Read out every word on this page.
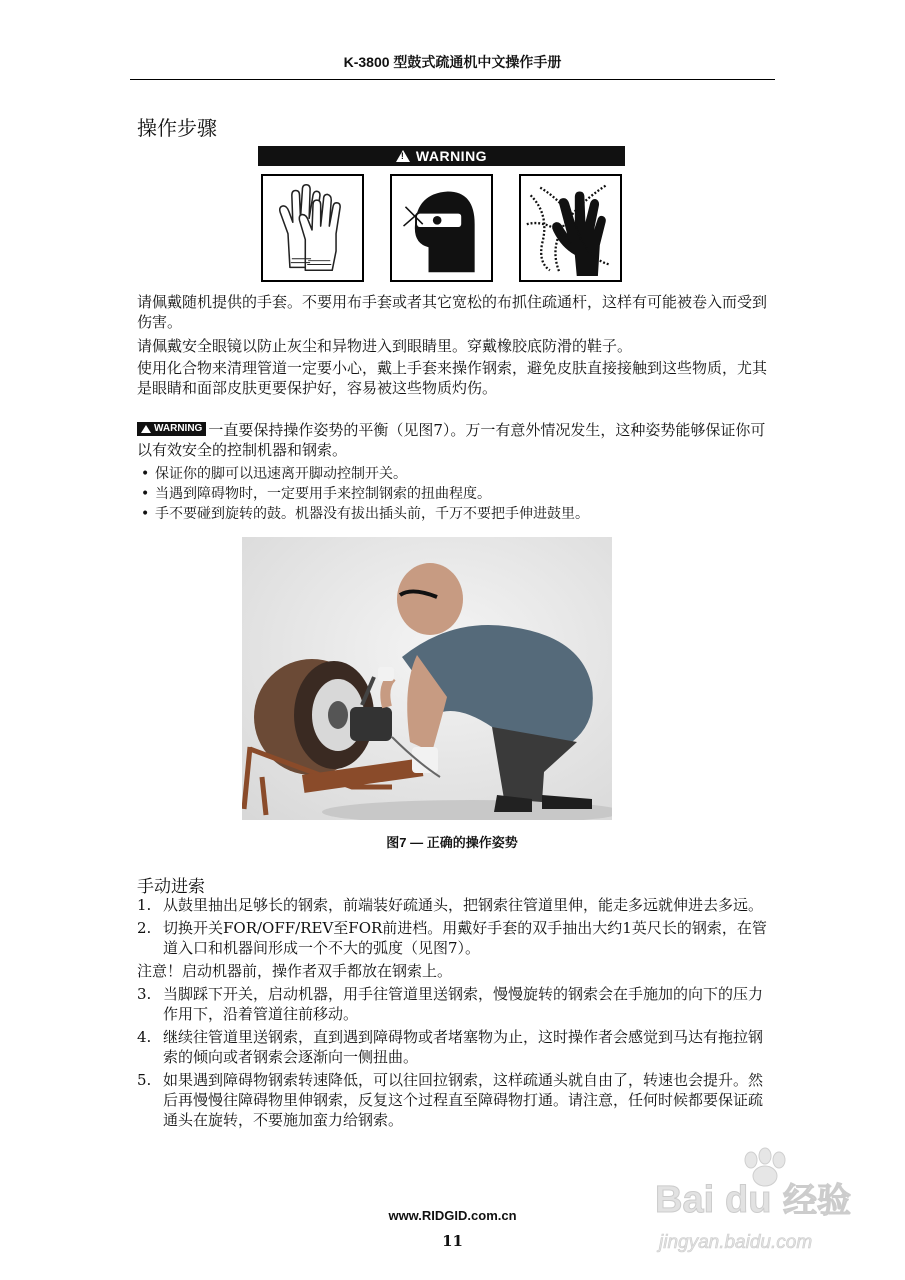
K-3800 型鼓式疏通机中文操作手册
操作步骤
!
WARNING
请佩戴随机提供的手套。不要用布手套或者其它宽松的布抓住疏通杆，这样有可能被卷入而受到伤害。
请佩戴安全眼镜以防止灰尘和异物进入到眼睛里。穿戴橡胶底防滑的鞋子。
使用化合物来清理管道一定要小心，戴上手套来操作钢索，避免皮肤直接接触到这些物质，尤其是眼睛和面部皮肤更要保护好，容易被这些物质灼伤。
WARNING 一直要保持操作姿势的平衡（见图7）。万一有意外情况发生，这种姿势能够保证你可以有效安全的控制机器和钢索。
• 保证你的脚可以迅速离开脚动控制开关。
• 当遇到障碍物时，一定要用手来控制钢索的扭曲程度。
• 手不要碰到旋转的鼓。机器没有拔出插头前，千万不要把手伸进鼓里。
图7 — 正确的操作姿势
手动进索
1. 从鼓里抽出足够长的钢索，前端装好疏通头，把钢索往管道里伸，能走多远就伸进去多远。
2. 切换开关FOR/OFF/REV至FOR前进档。用戴好手套的双手抽出大约1英尺长的钢索，在管道入口和机器间形成一个不大的弧度（见图7）。
注意！启动机器前，操作者双手都放在钢索上。
3. 当脚踩下开关，启动机器，用手往管道里送钢索，慢慢旋转的钢索会在手施加的向下的压力作用下，沿着管道往前移动。
4. 继续往管道里送钢索，直到遇到障碍物或者堵塞物为止，这时操作者会感觉到马达有拖拉钢索的倾向或者钢索会逐渐向一侧扭曲。
5. 如果遇到障碍物钢索转速降低，可以往回拉钢索，这样疏通头就自由了，转速也会提升。然后再慢慢往障碍物里伸钢索，反复这个过程直至障碍物打通。请注意，任何时候都要保证疏通头在旋转，不要施加蛮力给钢索。
www.RIDGID.com.cn
11
Bai du 经验
jingyan.baidu.com
